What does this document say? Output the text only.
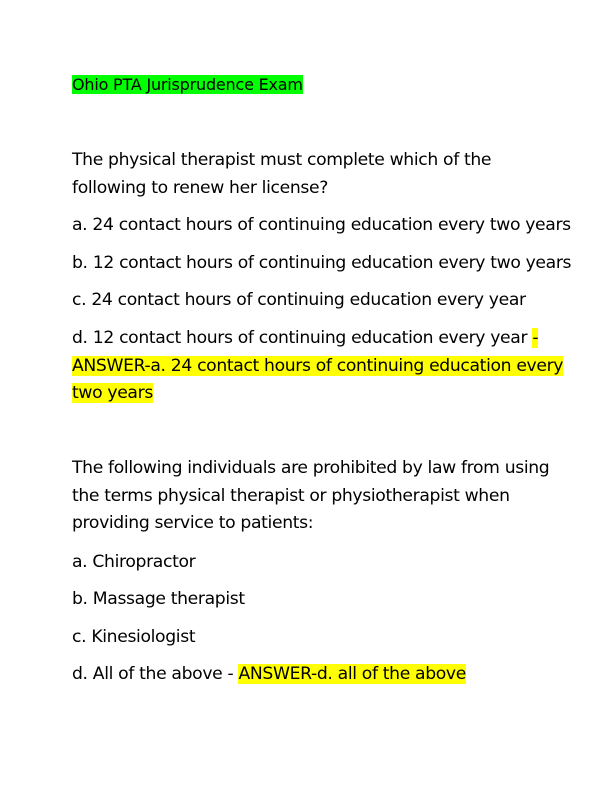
Ohio PTA Jurisprudence Exam
The physical therapist must complete which of the
following to renew her license?
a. 24 contact hours of continuing education every two years
b. 12 contact hours of continuing education every two years
c. 24 contact hours of continuing education every year
d. 12 contact hours of continuing education every year -
ANSWER-a. 24 contact hours of continuing education every
two years
The following individuals are prohibited by law from using
the terms physical therapist or physiotherapist when
providing service to patients:
a. Chiropractor
b. Massage therapist
c. Kinesiologist
d. All of the above - ANSWER-d. all of the above
